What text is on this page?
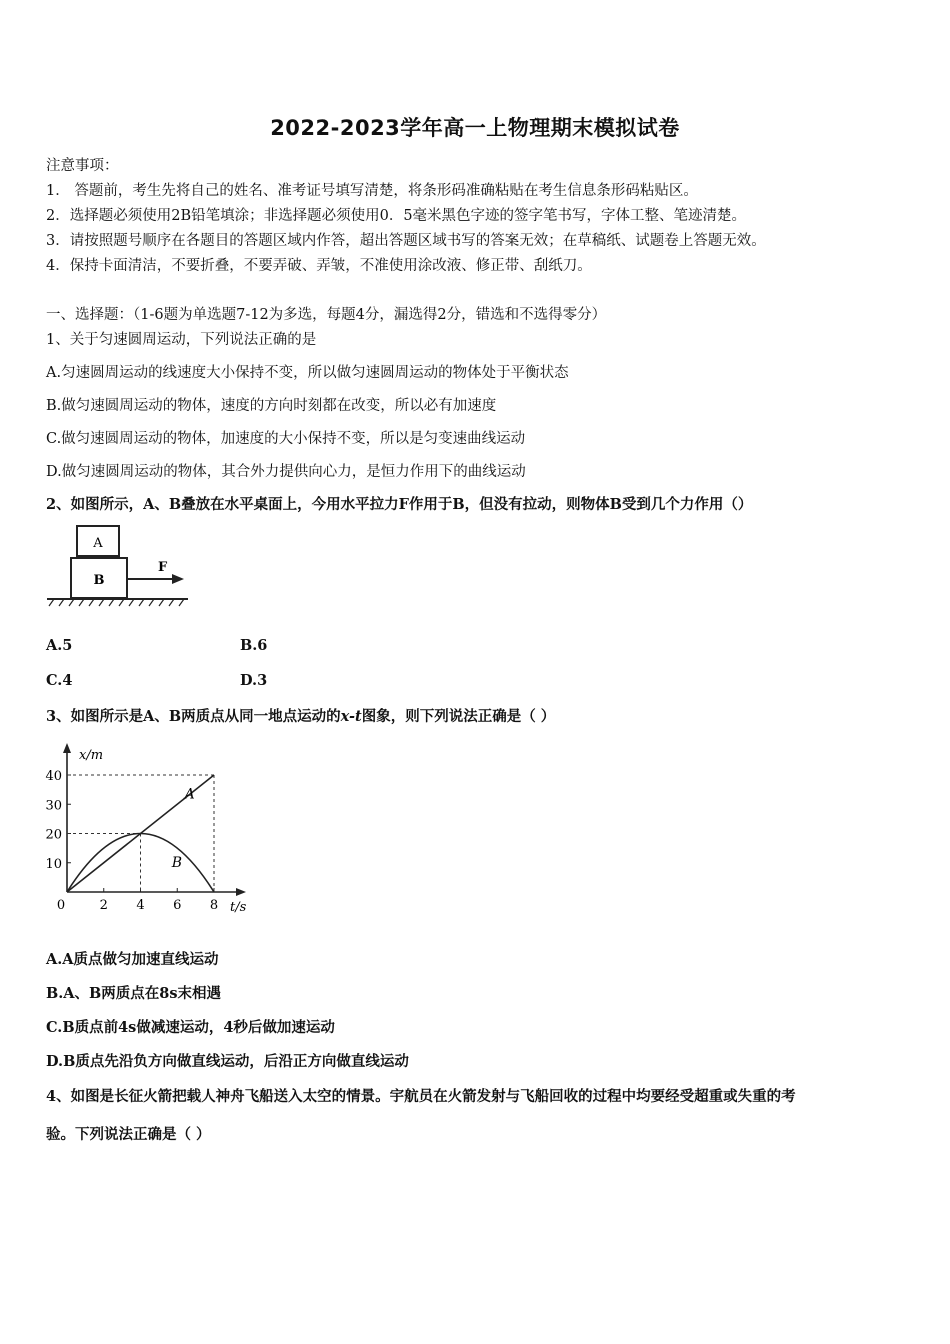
2022-2023学年高一上物理期末模拟试卷
注意事项：
1． 答题前，考生先将自己的姓名、准考证号填写清楚，将条形码准确粘贴在考生信息条形码粘贴区。
2．选择题必须使用2B铅笔填涂；非选择题必须使用0．5毫米黑色字迹的签字笔书写，字体工整、笔迹清楚。
3．请按照题号顺序在各题目的答题区域内作答，超出答题区域书写的答案无效；在草稿纸、试题卷上答题无效。
4．保持卡面清洁，不要折叠，不要弄破、弄皱，不准使用涂改液、修正带、刮纸刀。
一、选择题：（1-6题为单选题7-12为多选，每题4分，漏选得2分，错选和不选得零分）
1、关于匀速圆周运动，下列说法正确的是
A.匀速圆周运动的线速度大小保持不变，所以做匀速圆周运动的物体处于平衡状态
B.做匀速圆周运动的物体，速度的方向时刻都在改变，所以必有加速度
C.做匀速圆周运动的物体，加速度的大小保持不变，所以是匀变速曲线运动
D.做匀速圆周运动的物体，其合外力提供向心力，是恒力作用下的曲线运动
2、如图所示，A、B叠放在水平桌面上，今用水平拉力F作用于B，但没有拉动，则物体B受到几个力作用（）
A
B
F
A.5	B.6
C.4	D.3
3、如图所示是A、B两质点从同一地点运动的x-t图象，则下列说法正确是（ ）
x/m
t/s
0	2 4 6 8
10
20
30
40
A
B
A.A质点做匀加速直线运动
B.A、B两质点在8s末相遇
C.B质点前4s做减速运动，4秒后做加速运动
D.B质点先沿负方向做直线运动，后沿正方向做直线运动
4、如图是长征火箭把载人神舟飞船送入太空的情景。宇航员在火箭发射与飞船回收的过程中均要经受超重或失重的考
验。下列说法正确是（ ）
